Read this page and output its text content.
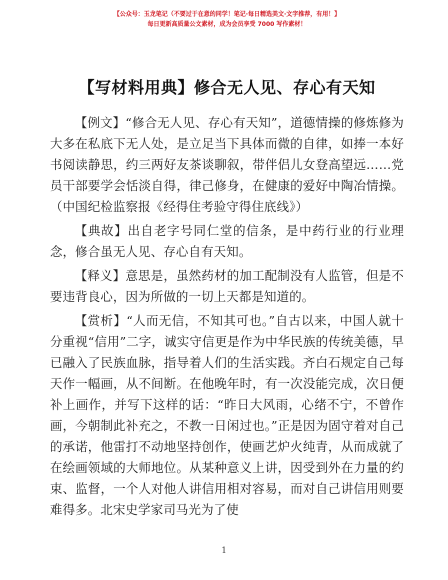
【公众号：玉龙笔记（不要过于在意的同学！笔记·每日精选美文·文字推荐，有用！】
每日更新高质量公文素材，成为会员享受 7000 写作素材！
【写材料用典】修合无人见、存心有天知

【例文】“修合无人见、存心有天知”，道德情操的修炼修为大多在私底下无人处，是立足当下具体而微的自律，如捧一本好书阅读静思，约三两好友茶谈聊叙，带伴侣儿女登高望远……党员干部要学会恬淡自得，律己修身，在健康的爱好中陶冶情操。（中国纪检监察报《经得住考验守得住底线》）

【典故】出自老字号同仁堂的信条，是中药行业的行业理念，修合虽无人见、存心自有天知。

【释义】意思是，虽然药材的加工配制没有人监管，但是不要违背良心，因为所做的一切上天都是知道的。

【赏析】“人而无信，不知其可也。”自古以来，中国人就十分重视“信用”二字，诚实守信更是作为中华民族的传统美德，早已融入了民族血脉，指导着人们的生活实践。齐白石规定自己每天作一幅画，从不间断。在他晚年时，有一次没能完成，次日便补上画作，并写下这样的话：“昨日大风雨，心绪不宁，不曾作画，今朝制此补充之，不教一日闲过也。”正是因为固守着对自己的承诺，他雷打不动地坚持创作，使画艺炉火纯青，从而成就了在绘画领域的大师地位。从某种意义上讲，因受到外在力量的约束、监督，一个人对他人讲信用相对容易，而对自己讲信用则要难得多。北宋史学家司马光为了使

1
